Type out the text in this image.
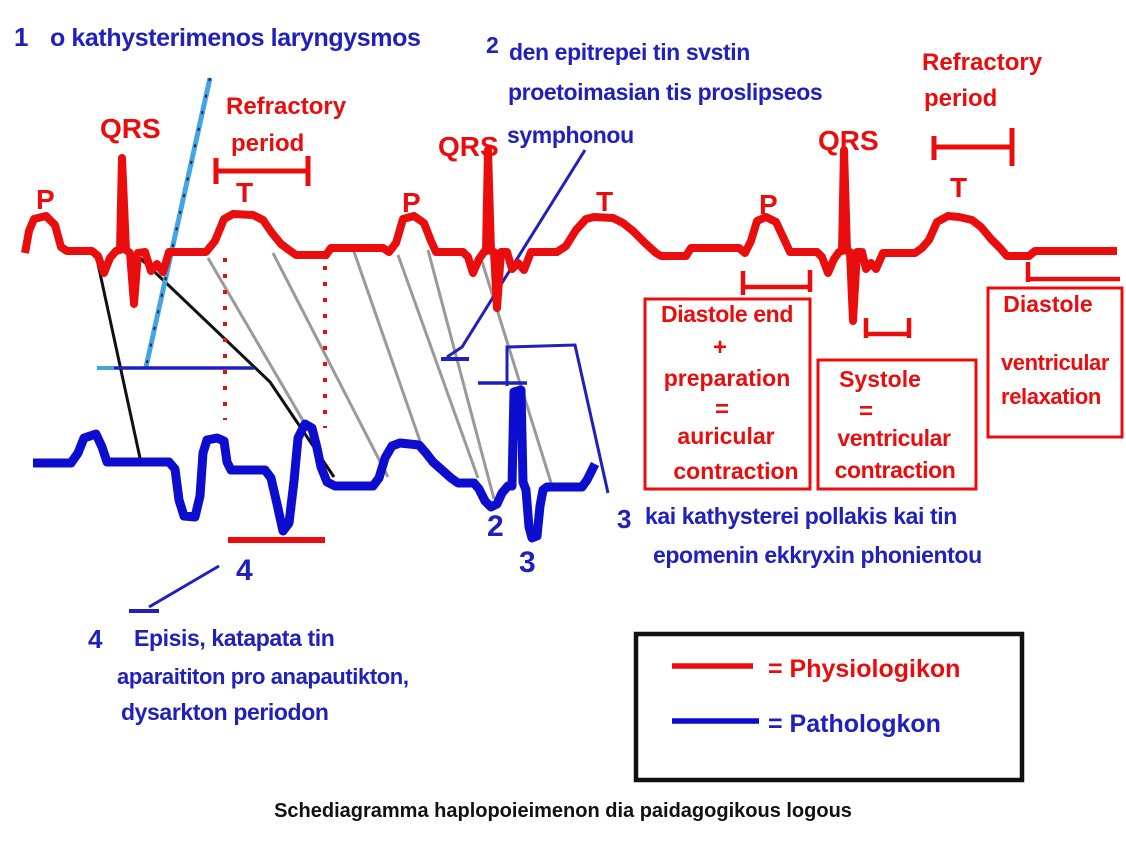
QRS
QRS	QRS
P	P	P
T	T	T
Refractory
period
Refractory
period
Diastole end
+
preparation
=
auricular
contraction
Systole
=
ventricular
contraction
Diastole
ventricular
relaxation
1 o kathysterimenos laryngysmos	2 den epitrepei tin svstin
proetoimasian tis proslipseos
symphonou
3 kai kathysterei pollakis kai tin
epomenin ekkryxin phonientou
4 Episis, katapata tin
aparaititon pro anapautikton,
dysarkton periodon
2
3
4
= Physiologikon
= Pathologkon
Schediagramma haplopoieimenon dia paidagogikous logous
